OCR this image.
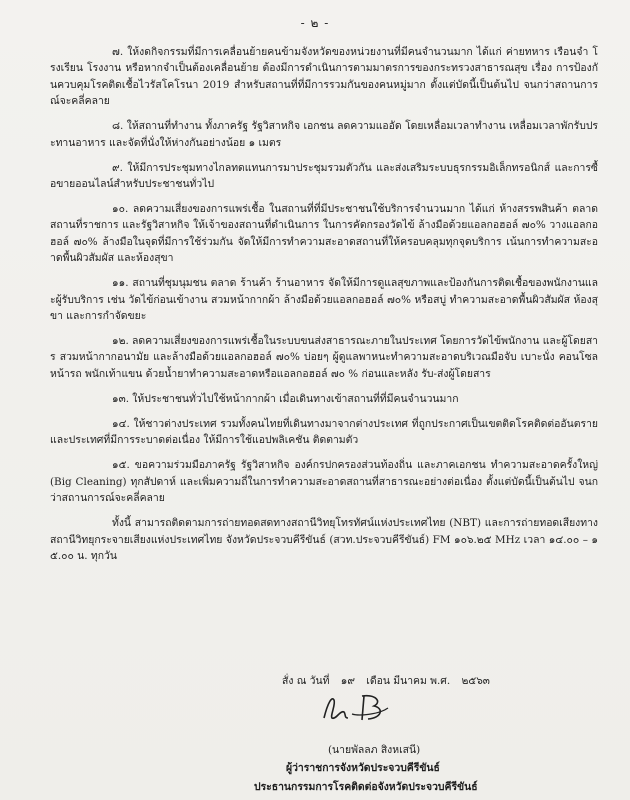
- ๒ -

๗. ให้งดกิจกรรมที่มีการเคลื่อนย้ายคนข้ามจังหวัดของหน่วยงานที่มีคนจำนวนมาก ได้แก่ ค่ายทหาร เรือนจำ โรงเรียน โรงงาน หรือหากจำเป็นต้องเคลื่อนย้าย ต้องมีการดำเนินการตามมาตรการของกระทรวงสาธารณสุข เรื่อง การป้องกันควบคุมโรคติดเชื้อไวรัสโคโรนา 2019 สำหรับสถานที่ที่มีการรวมกันของคนหมู่มาก ตั้งแต่บัดนี้เป็นต้นไป จนกว่าสถานการณ์จะคลี่คลาย

๘. ให้สถานที่ทำงาน ทั้งภาครัฐ รัฐวิสาหกิจ เอกชน ลดความแออัด โดยเหลื่อมเวลาทำงาน เหลื่อมเวลาพักรับประทานอาหาร และจัดที่นั่งให้ห่างกันอย่างน้อย ๑ เมตร

๙. ให้มีการประชุมทางไกลทดแทนการมาประชุมรวมตัวกัน และส่งเสริมระบบธุรกรรมอิเล็กทรอนิกส์ และการซื้อขายออนไลน์สำหรับประชาชนทั่วไป

๑๐. ลดความเสี่ยงของการแพร่เชื้อ ในสถานที่ที่มีประชาชนใช้บริการจำนวนมาก ได้แก่ ห้างสรรพสินค้า ตลาด สถานที่ราชการ และรัฐวิสาหกิจ ให้เจ้าของสถานที่ดำเนินการ ในการคัดกรองวัดไข้ ล้างมือด้วยแอลกอฮอล์ ๗๐% วางแอลกอฮอล์ ๗๐% ล้างมือในจุดที่มีการใช้ร่วมกัน จัดให้มีการทำความสะอาดสถานที่ให้ครอบคลุมทุกจุดบริการ เน้นการทำความสะอาดพื้นผิวสัมผัส และห้องสุขา

๑๑. สถานที่ชุมนุมชน ตลาด ร้านค้า ร้านอาหาร จัดให้มีการดูแลสุขภาพและป้องกันการติดเชื้อของพนักงานและผู้รับบริการ เช่น วัดไข้ก่อนเข้างาน สวมหน้ากากผ้า ล้างมือด้วยแอลกอฮอล์ ๗๐% หรือสบู่ ทำความสะอาดพื้นผิวสัมผัส ห้องสุขา และการกำจัดขยะ

๑๒. ลดความเสี่ยงของการแพร่เชื้อในระบบขนส่งสาธารณะภายในประเทศ โดยการวัดไข้พนักงาน และผู้โดยสาร สวมหน้ากากอนามัย และล้างมือด้วยแอลกอฮอล์ ๗๐% บ่อยๆ ผู้ดูแลพาหนะทำความสะอาดบริเวณมือจับ เบาะนั่ง คอนโซลหน้ารถ พนักเท้าแขน ด้วยน้ำยาทำความสะอาดหรือแอลกอฮอล์ ๗๐ % ก่อนและหลัง รับ-ส่งผู้โดยสาร

๑๓. ให้ประชาชนทั่วไปใช้หน้ากากผ้า เมื่อเดินทางเข้าสถานที่ที่มีคนจำนวนมาก

๑๔. ให้ชาวต่างประเทศ รวมทั้งคนไทยที่เดินทางมาจากต่างประเทศ ที่ถูกประกาศเป็นเขตติดโรคติดต่ออันตราย และประเทศที่มีการระบาดต่อเนื่อง ให้มีการใช้แอปพลิเคชัน ติดตามตัว

๑๕. ขอความร่วมมือภาครัฐ รัฐวิสาหกิจ องค์กรปกครองส่วนท้องถิ่น และภาคเอกชน ทำความสะอาดครั้งใหญ่ (Big Cleaning) ทุกสัปดาห์ และเพิ่มความถี่ในการทำความสะอาดสถานที่สาธารณะอย่างต่อเนื่อง ตั้งแต่บัดนี้เป็นต้นไป จนกว่าสถานการณ์จะคลี่คลาย

ทั้งนี้ สามารถติดตามการถ่ายทอดสดทางสถานีวิทยุโทรทัศน์แห่งประเทศไทย (NBT) และการถ่ายทอดเสียงทางสถานีวิทยุกระจายเสียงแห่งประเทศไทย จังหวัดประจวบคีรีขันธ์ (สวท.ประจวบคีรีขันธ์) FM ๑๐๖.๒๕ MHz เวลา ๑๔.๐๐ – ๑๕.๐๐ น. ทุกวัน

สั่ง ณ วันที่ ๑๙ เดือน มีนาคม พ.ศ. ๒๕๖๓
(นายพัลลภ สิงหเสนี)
ผู้ว่าราชการจังหวัดประจวบคีรีขันธ์
ประธานกรรมการโรคติดต่อจังหวัดประจวบคีรีขันธ์
